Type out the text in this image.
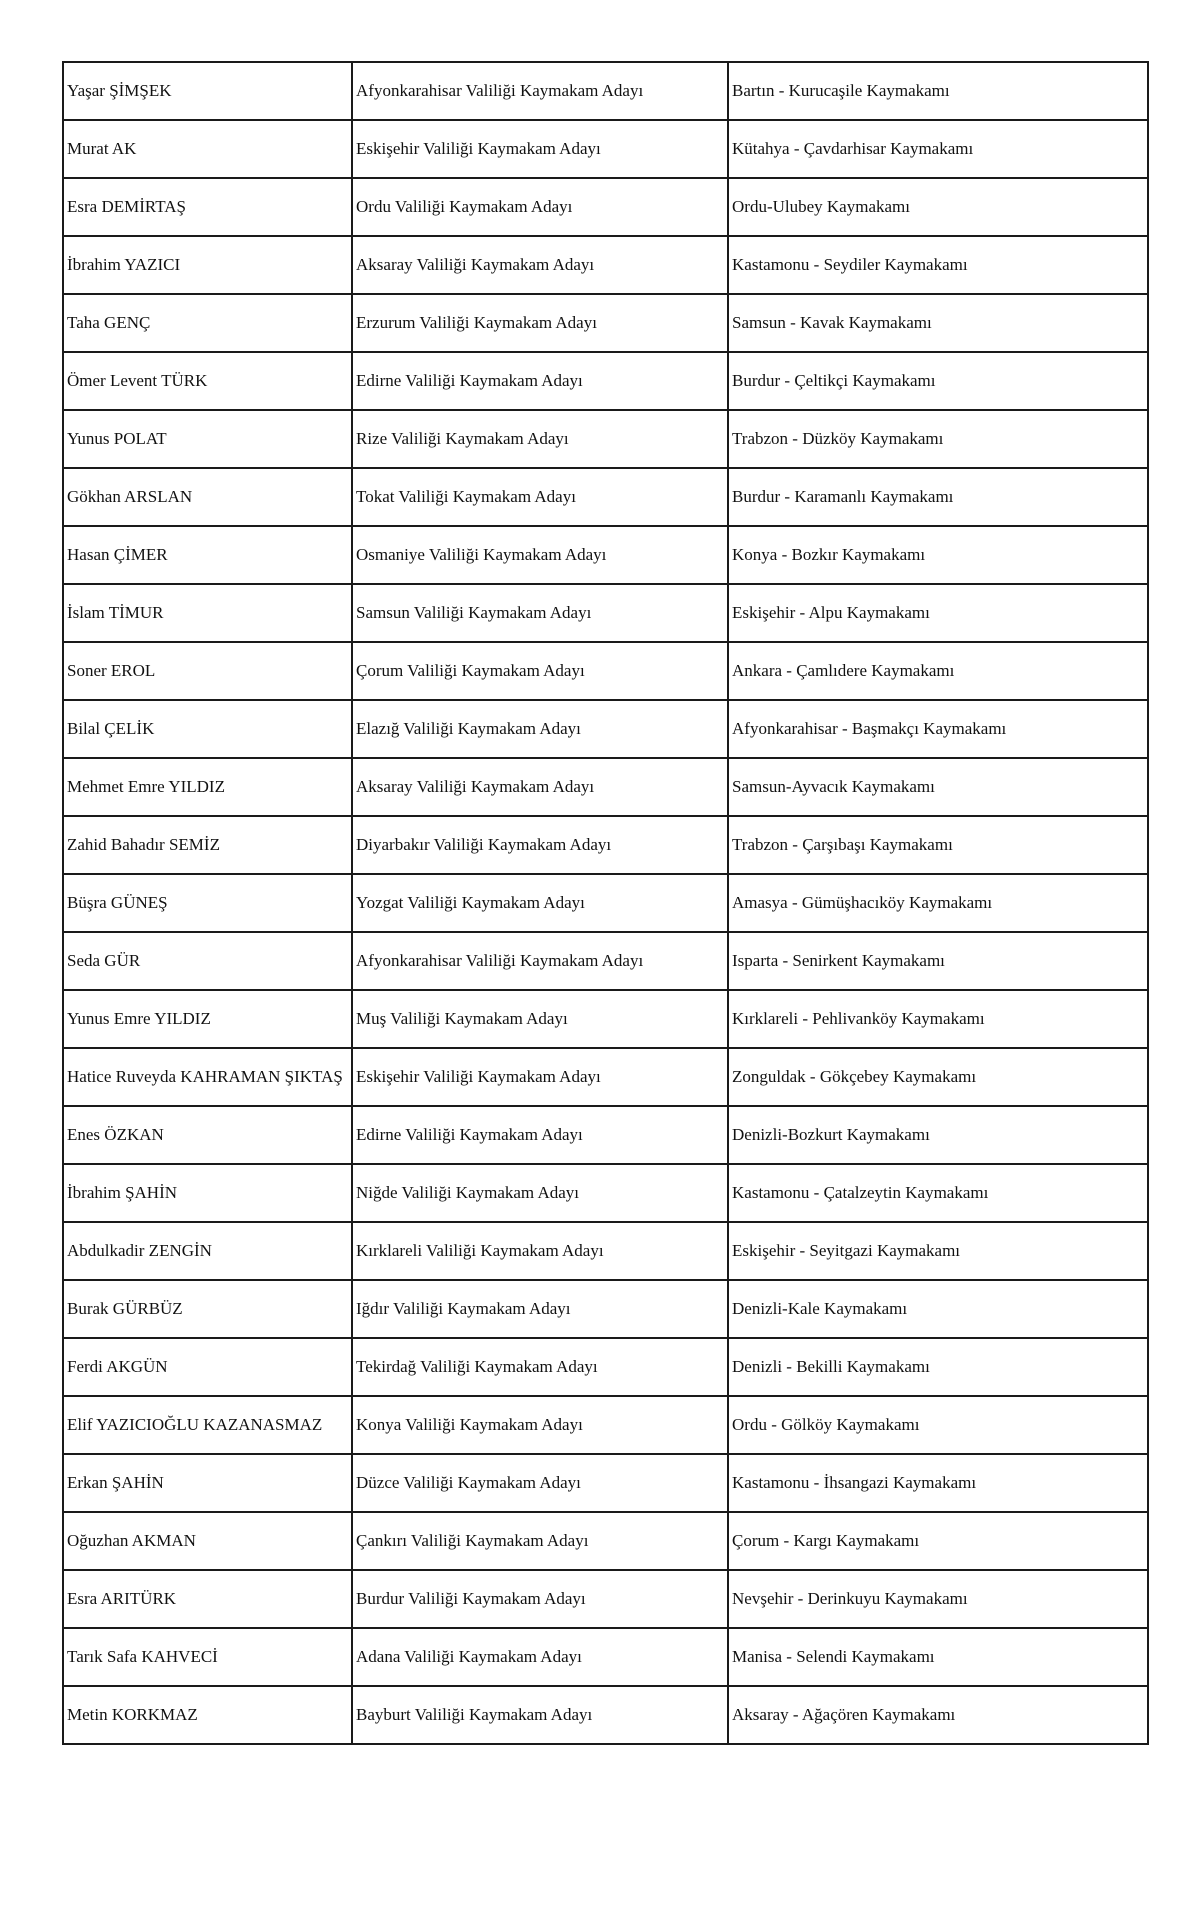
Yaşar ŞİMŞEK	Afyonkarahisar Valiliği Kaymakam Adayı	Bartın - Kurucaşile Kaymakamı
Murat AK	Eskişehir Valiliği Kaymakam Adayı	Kütahya - Çavdarhisar Kaymakamı
Esra DEMİRTAŞ	Ordu Valiliği Kaymakam Adayı	Ordu-Ulubey Kaymakamı
İbrahim YAZICI	Aksaray Valiliği Kaymakam Adayı	Kastamonu - Seydiler Kaymakamı
Taha GENÇ	Erzurum Valiliği Kaymakam Adayı	Samsun - Kavak Kaymakamı
Ömer Levent TÜRK	Edirne Valiliği Kaymakam Adayı	Burdur - Çeltikçi Kaymakamı
Yunus POLAT	Rize Valiliği Kaymakam Adayı	Trabzon - Düzköy Kaymakamı
Gökhan ARSLAN	Tokat Valiliği Kaymakam Adayı	Burdur - Karamanlı Kaymakamı
Hasan ÇİMER	Osmaniye Valiliği Kaymakam Adayı	Konya - Bozkır Kaymakamı
İslam TİMUR	Samsun Valiliği Kaymakam Adayı	Eskişehir - Alpu Kaymakamı
Soner EROL	Çorum Valiliği Kaymakam Adayı	Ankara - Çamlıdere Kaymakamı
Bilal ÇELİK	Elazığ Valiliği Kaymakam Adayı	Afyonkarahisar - Başmakçı Kaymakamı
Mehmet Emre YILDIZ	Aksaray Valiliği Kaymakam Adayı	Samsun-Ayvacık Kaymakamı
Zahid Bahadır SEMİZ	Diyarbakır Valiliği Kaymakam Adayı	Trabzon - Çarşıbaşı Kaymakamı
Büşra GÜNEŞ	Yozgat Valiliği Kaymakam Adayı	Amasya - Gümüşhacıköy Kaymakamı
Seda GÜR	Afyonkarahisar Valiliği Kaymakam Adayı	Isparta - Senirkent Kaymakamı
Yunus Emre YILDIZ	Muş Valiliği Kaymakam Adayı	Kırklareli - Pehlivanköy Kaymakamı
Hatice Ruveyda KAHRAMAN ŞIKTAŞ	Eskişehir Valiliği Kaymakam Adayı	Zonguldak - Gökçebey Kaymakamı
Enes ÖZKAN	Edirne Valiliği Kaymakam Adayı	Denizli-Bozkurt Kaymakamı
İbrahim ŞAHİN	Niğde Valiliği Kaymakam Adayı	Kastamonu - Çatalzeytin Kaymakamı
Abdulkadir ZENGİN	Kırklareli Valiliği Kaymakam Adayı	Eskişehir - Seyitgazi Kaymakamı
Burak GÜRBÜZ	Iğdır Valiliği Kaymakam Adayı	Denizli-Kale Kaymakamı
Ferdi AKGÜN	Tekirdağ Valiliği Kaymakam Adayı	Denizli - Bekilli Kaymakamı
Elif YAZICIOĞLU KAZANASMAZ	Konya Valiliği Kaymakam Adayı	Ordu - Gölköy Kaymakamı
Erkan ŞAHİN	Düzce Valiliği Kaymakam Adayı	Kastamonu - İhsangazi Kaymakamı
Oğuzhan AKMAN	Çankırı Valiliği Kaymakam Adayı	Çorum - Kargı Kaymakamı
Esra ARITÜRK	Burdur Valiliği Kaymakam Adayı	Nevşehir - Derinkuyu Kaymakamı
Tarık Safa KAHVECİ	Adana Valiliği Kaymakam Adayı	Manisa - Selendi Kaymakamı
Metin KORKMAZ	Bayburt Valiliği Kaymakam Adayı	Aksaray - Ağaçören Kaymakamı
